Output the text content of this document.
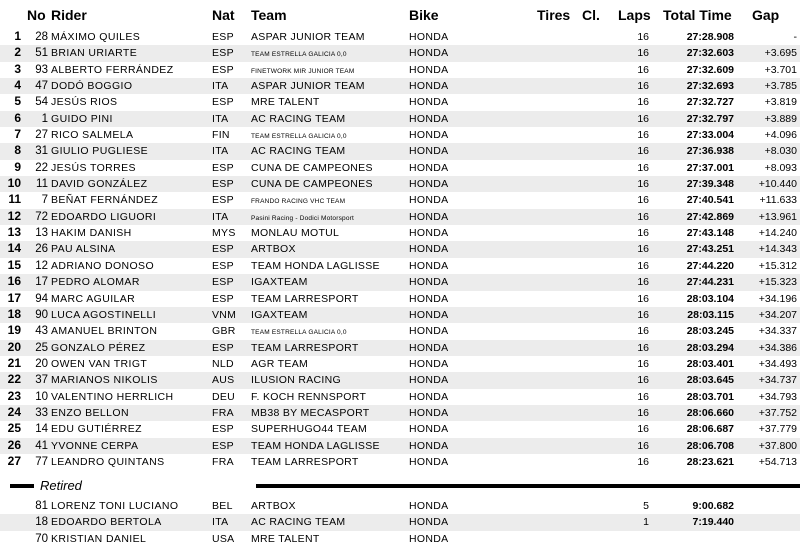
No Rider	Nat Team	Bike	Tires Cl. Laps Total Time Gap
1	28 MÁXIMO QUILES	ESP ASPAR JUNIOR TEAM	HONDA	16	27:28.908	-
2	51 BRIAN URIARTE	ESP	TEAM ESTRELLA GALICIA 0,0	HONDA	16	27:32.603	+3.695
3	93 ALBERTO FERRÁNDEZ	ESP	FINETWORK MIR JUNIOR TEAM	HONDA	16	27:32.609	+3.701
4	47 DODÓ BOGGIO	ITA ASPAR JUNIOR TEAM	HONDA	16	27:32.693	+3.785
5	54 JESÚS RIOS	ESP MRE TALENT	HONDA	16	27:32.727	+3.819
6	1 GUIDO PINI	ITA AC RACING TEAM	HONDA	16	27:32.797	+3.889
7	27 RICO SALMELA	FIN	TEAM ESTRELLA GALICIA 0,0	HONDA	16	27:33.004	+4.096
8	31 GIULIO PUGLIESE	ITA AC RACING TEAM	HONDA	16	27:36.938	+8.030
9	22 JESÚS TORRES	ESP CUNA DE CAMPEONES	HONDA	16	27:37.001	+8.093
10	11 DAVID GONZÁLEZ	ESP CUNA DE CAMPEONES	HONDA	16	27:39.348	+10.440
11	7 BEÑAT FERNÁNDEZ	ESP	FRANDO RACING VHC TEAM	HONDA	16	27:40.541	+11.633
12	72 EDOARDO LIGUORI	ITA	Pasini Racing - Dodici Motorsport	HONDA	16	27:42.869	+13.961
13	13 HAKIM DANISH	MYS MONLAU MOTUL	HONDA	16	27:43.148	+14.240
14	26 PAU ALSINA	ESP ARTBOX	HONDA	16	27:43.251	+14.343
15	12 ADRIANO DONOSO	ESP TEAM HONDA LAGLISSE	HONDA	16	27:44.220	+15.312
16	17 PEDRO ALOMAR	ESP IGAXTEAM	HONDA	16	27:44.231	+15.323
17	94 MARC AGUILAR	ESP TEAM LARRESPORT	HONDA	16	28:03.104	+34.196
18	90 LUCA AGOSTINELLI	VNM IGAXTEAM	HONDA	16	28:03.115	+34.207
19	43 AMANUEL BRINTON	GBR TEAM ESTRELLA GALICIA 0,0	HONDA	16	28:03.245	+34.337
20	25 GONZALO PÉREZ	ESP TEAM LARRESPORT	HONDA	16	28:03.294	+34.386
21	20 OWEN VAN TRIGT	NLD AGR TEAM	HONDA	16	28:03.401	+34.493
22	37 MARIANOS NIKOLIS	AUS ILUSION RACING	HONDA	16	28:03.645	+34.737
23	10 VALENTINO HERRLICH	DEU F. KOCH RENNSPORT	HONDA	16	28:03.701	+34.793
24	33 ENZO BELLON	FRA MB38 BY MECASPORT	HONDA	16	28:06.660	+37.752
25	14 EDU GUTIÉRREZ	ESP SUPERHUGO44 TEAM	HONDA	16	28:06.687	+37.779
26	41 YVONNE CERPA	ESP TEAM HONDA LAGLISSE	HONDA	16	28:06.708	+37.800
27	77 LEANDRO QUINTANS	FRA TEAM LARRESPORT	HONDA	16	28:23.621	+54.713
Retired
81 LORENZ TONI LUCIANO	BEL ARTBOX	HONDA	5	9:00.682
18 EDOARDO BERTOLA	ITA AC RACING TEAM	HONDA	1	7:19.440
70 KRISTIAN DANIEL	USA MRE TALENT	HONDA
